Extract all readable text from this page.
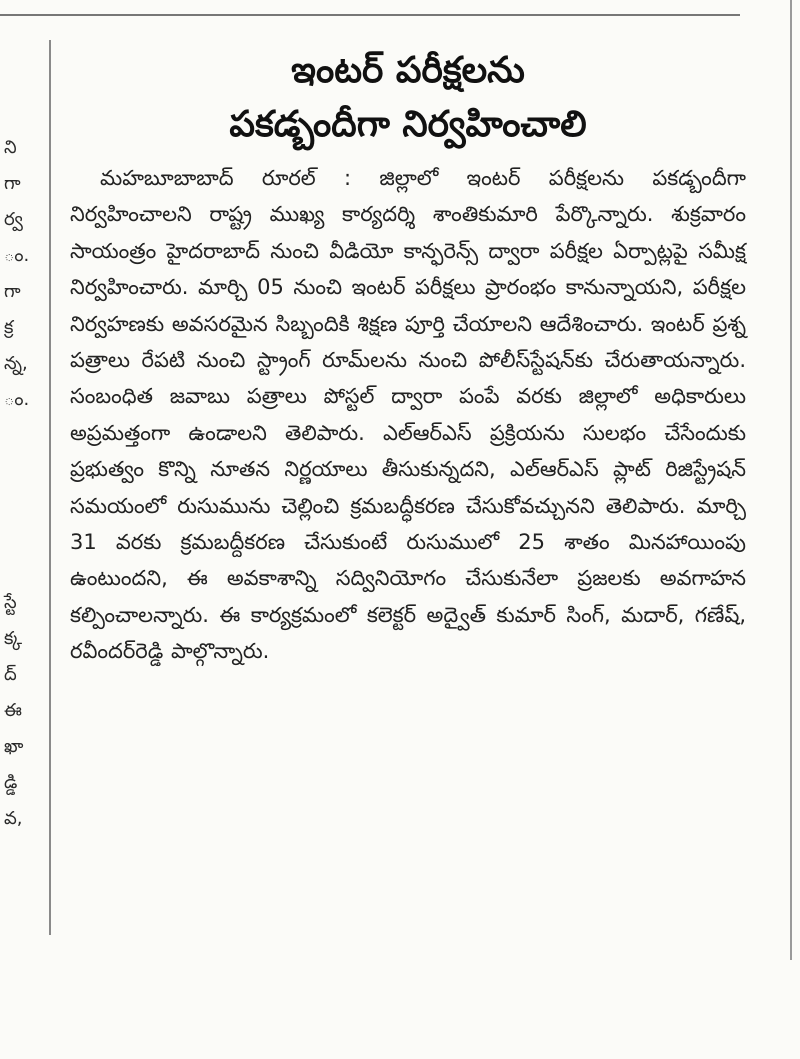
ని
గా
ర్వ
ం.
గా
క్ర
న్న,
ం.
స్టే
క్క
ద్
ఈ
ఖా
డ్డి
వ,
ఇంటర్ పరీక్షలను
పకడ్బందీగా నిర్వహించాలి

మహబూబాబాద్ రూరల్ : జిల్లాలో ఇంటర్ పరీక్షలను పకడ్బందీగా నిర్వహించాలని రాష్ట్ర ముఖ్య కార్యదర్శి శాంతికుమారి పేర్కొన్నారు. శుక్రవారం సాయంత్రం హైదరాబాద్ నుంచి వీడియో కాన్ఫరెన్స్ ద్వారా పరీక్షల ఏర్పాట్లపై సమీక్ష నిర్వహించారు. మార్చి 05 నుంచి ఇంటర్ పరీక్షలు ప్రారంభం కానున్నాయని, పరీక్షల నిర్వహణకు అవసరమైన సిబ్బందికి శిక్షణ పూర్తి చేయాలని ఆదేశించారు. ఇంటర్ ప్రశ్న పత్రాలు రేపటి నుంచి స్ట్రాంగ్ రూమ్‌లను నుంచి పోలీస్‌స్టేషన్‌కు చేరుతాయన్నారు. సంబంధిత జవాబు పత్రాలు పోస్టల్ ద్వారా పంపే వరకు జిల్లాలో అధికారులు అప్రమత్తంగా ఉండాలని తెలిపారు. ఎల్ఆర్ఎస్ ప్రక్రియను సులభం చేసేందుకు ప్రభుత్వం కొన్ని నూతన నిర్ణయాలు తీసుకున్నదని, ఎల్ఆర్ఎస్ ప్లాట్ రిజిస్ట్రేషన్ సమయంలో రుసుమును చెల్లించి క్రమబద్ధీకరణ చేసుకోవచ్చునని తెలిపారు. మార్చి 31 వరకు క్రమబద్దీకరణ చేసుకుంటే రుసుములో 25 శాతం మినహాయింపు ఉంటుందని, ఈ అవకాశాన్ని సద్వినియోగం చేసుకునేలా ప్రజలకు అవగాహన కల్పించాలన్నారు. ఈ కార్యక్రమంలో కలెక్టర్ అద్వైత్ కుమార్ సింగ్, మదార్, గణేష్, రవీందర్‌రెడ్డి పాల్గొన్నారు.
